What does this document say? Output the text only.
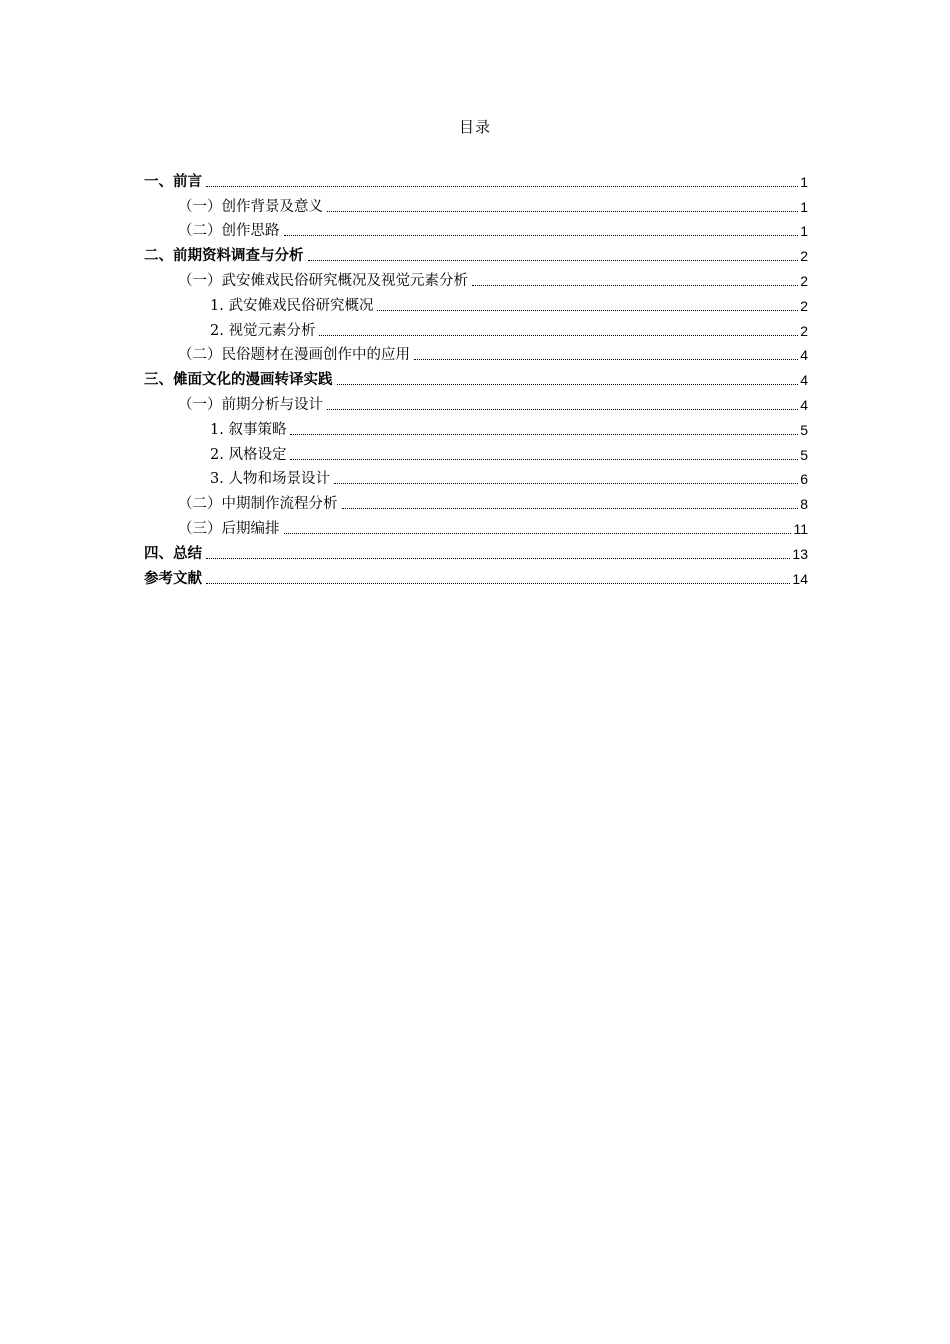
目录
一、前言	1
（一）创作背景及意义	1
（二）创作思路	1
二、前期资料调查与分析	2
（一）武安傩戏民俗研究概况及视觉元素分析	2
1. 武安傩戏民俗研究概况	2
2. 视觉元素分析	2
（二）民俗题材在漫画创作中的应用	4
三、傩面文化的漫画转译实践	4
（一）前期分析与设计	4
1. 叙事策略	5
2. 风格设定	5
3. 人物和场景设计	6
（二）中期制作流程分析	8
（三）后期编排	11
四、总结	13
参考文献	14
